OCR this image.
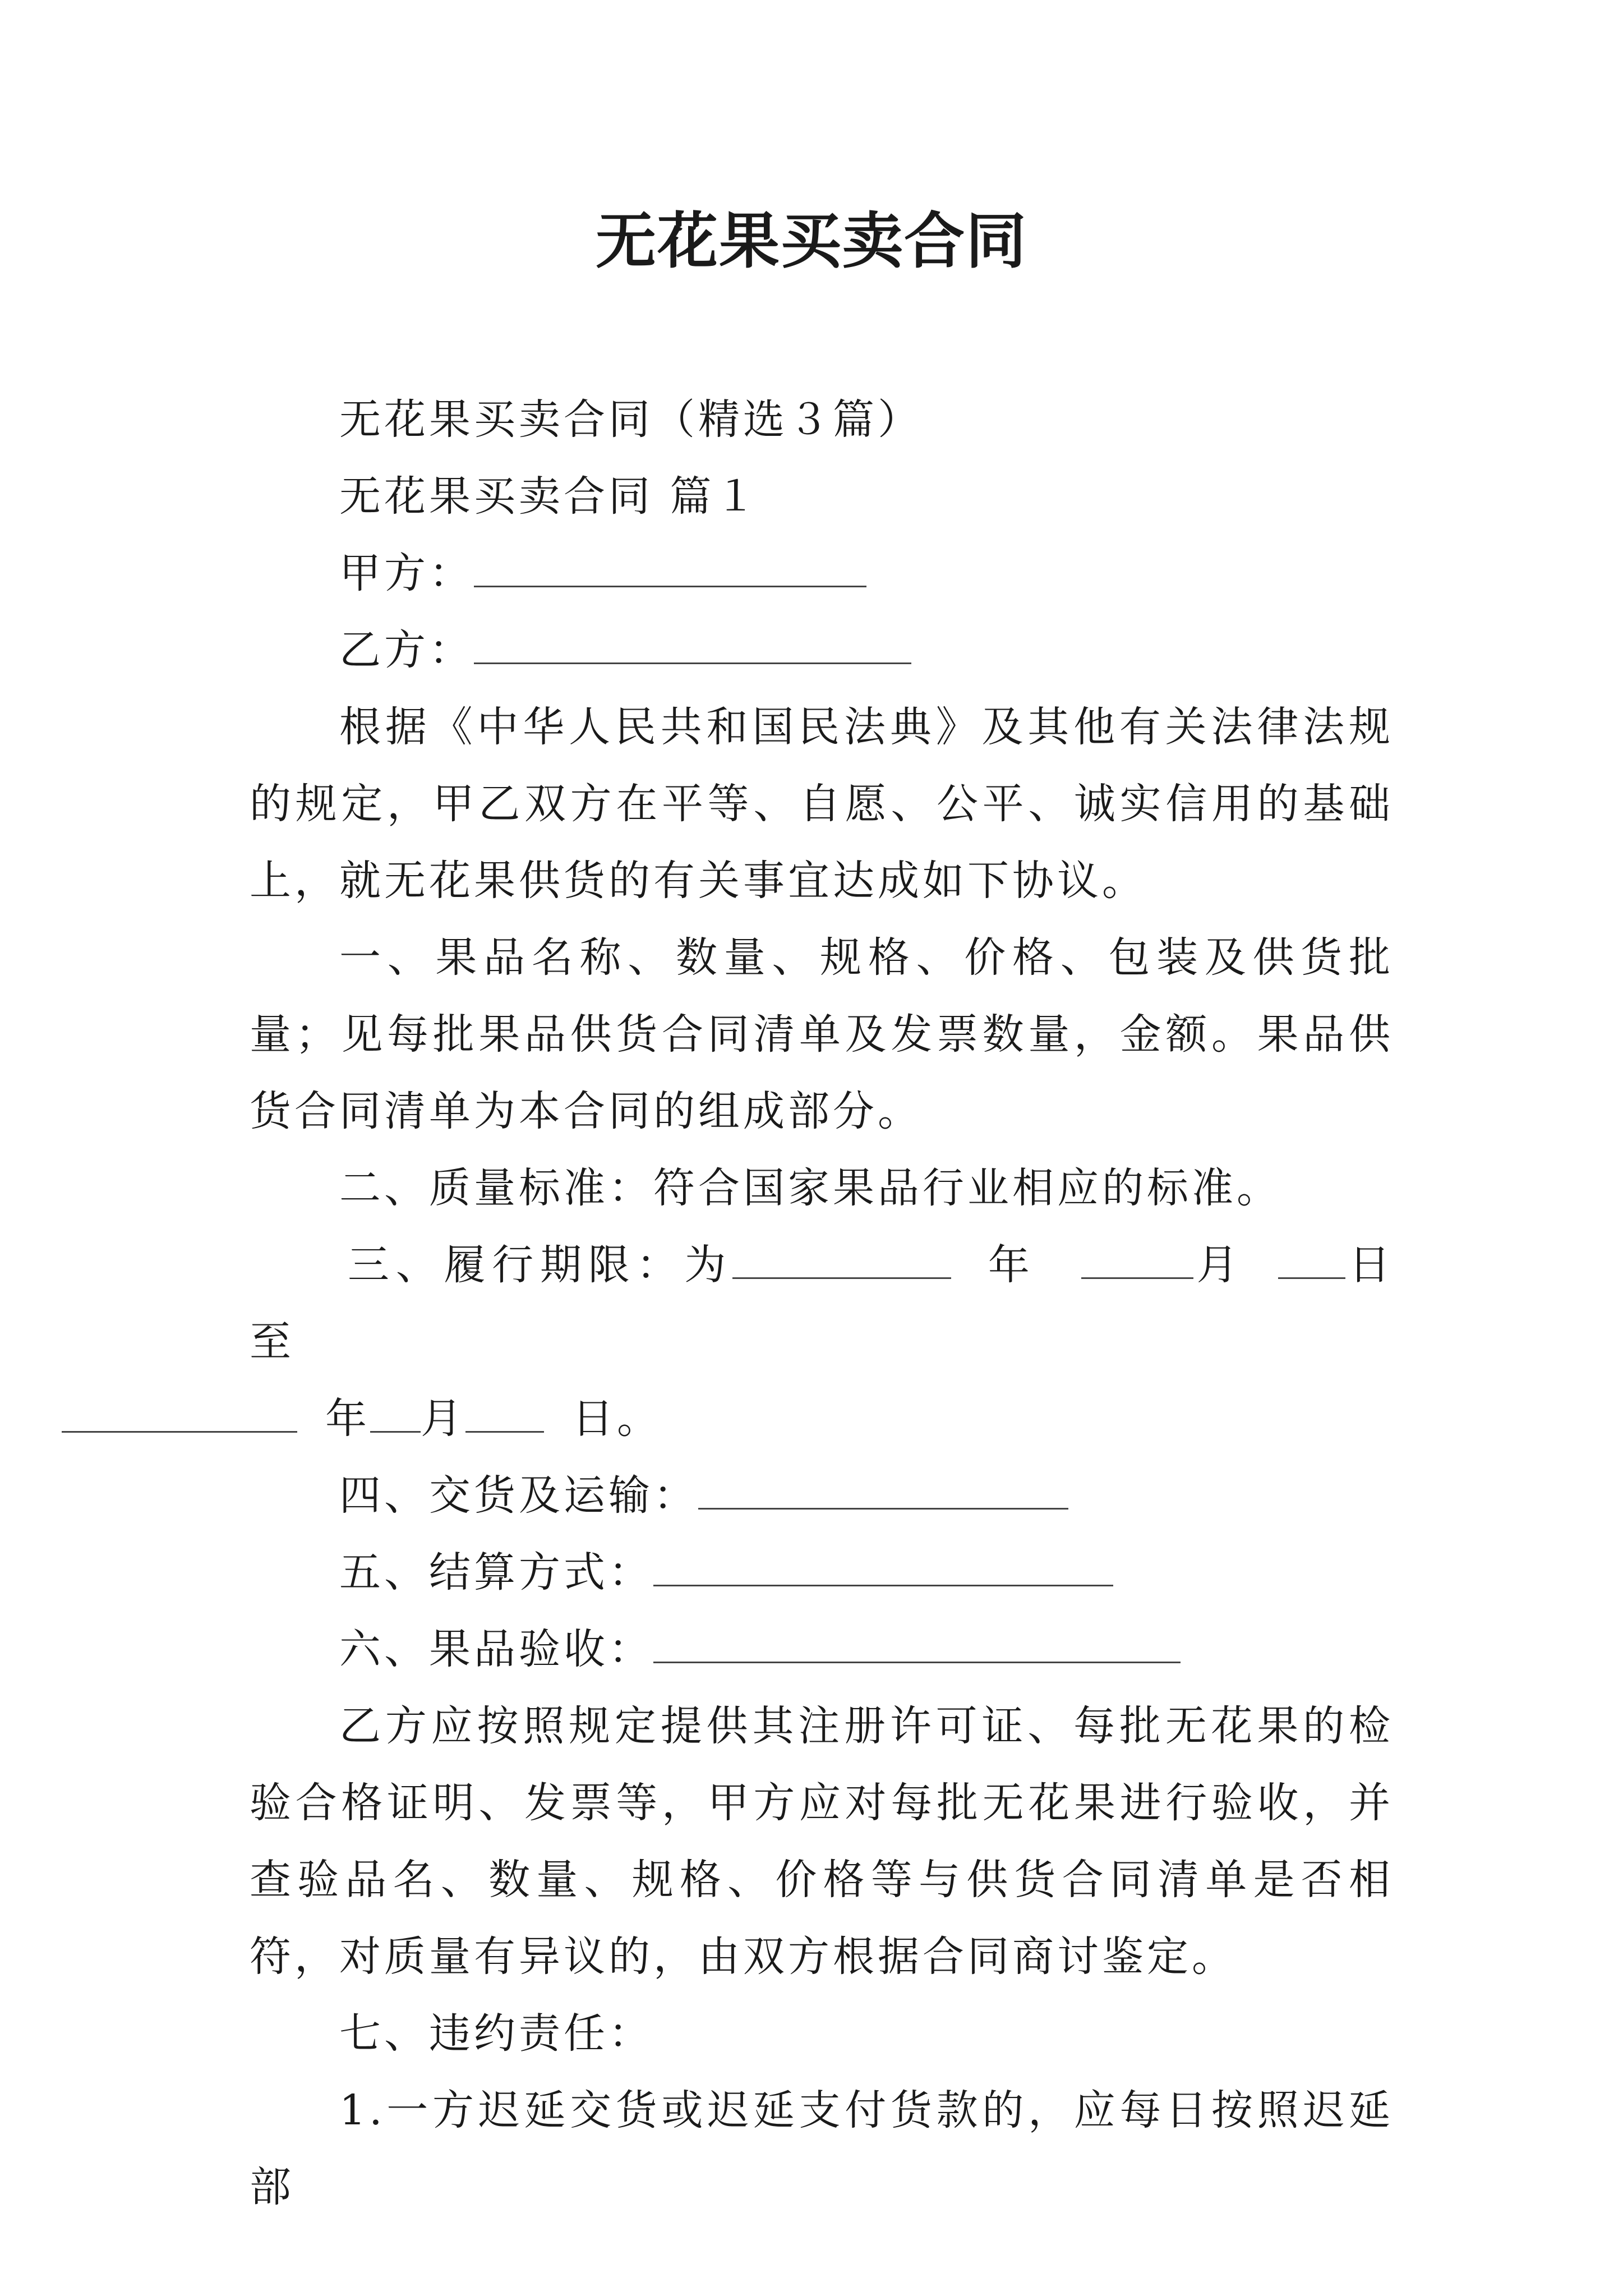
无花果买卖合同

无花果买卖合同（精选３篇）

无花果买卖合同 篇１

甲方：

乙方：

根据《中华人民共和国民法典》及其他有关法律法规的规定，甲乙双方在平等、自愿、公平、诚实信用的基础上，就无花果供货的有关事宜达成如下协议。

一、果品名称、数量、规格、价格、包装及供货批量；见每批果品供货合同清单及发票数量，金额。果品供货合同清单为本合同的组成部分。

二、质量标准：符合国家果品行业相应的标准。

三、履行期限：为	年	月 日至
年 月	日。

四、交货及运输：

五、结算方式：

六、果品验收：

乙方应按照规定提供其注册许可证、每批无花果的检验合格证明、发票等，甲方应对每批无花果进行验收，并查验品名、数量、规格、价格等与供货合同清单是否相符，对质量有异议的，由双方根据合同商讨鉴定。

七、违约责任：

1.一方迟延交货或迟延支付货款的，应每日按照迟延部
